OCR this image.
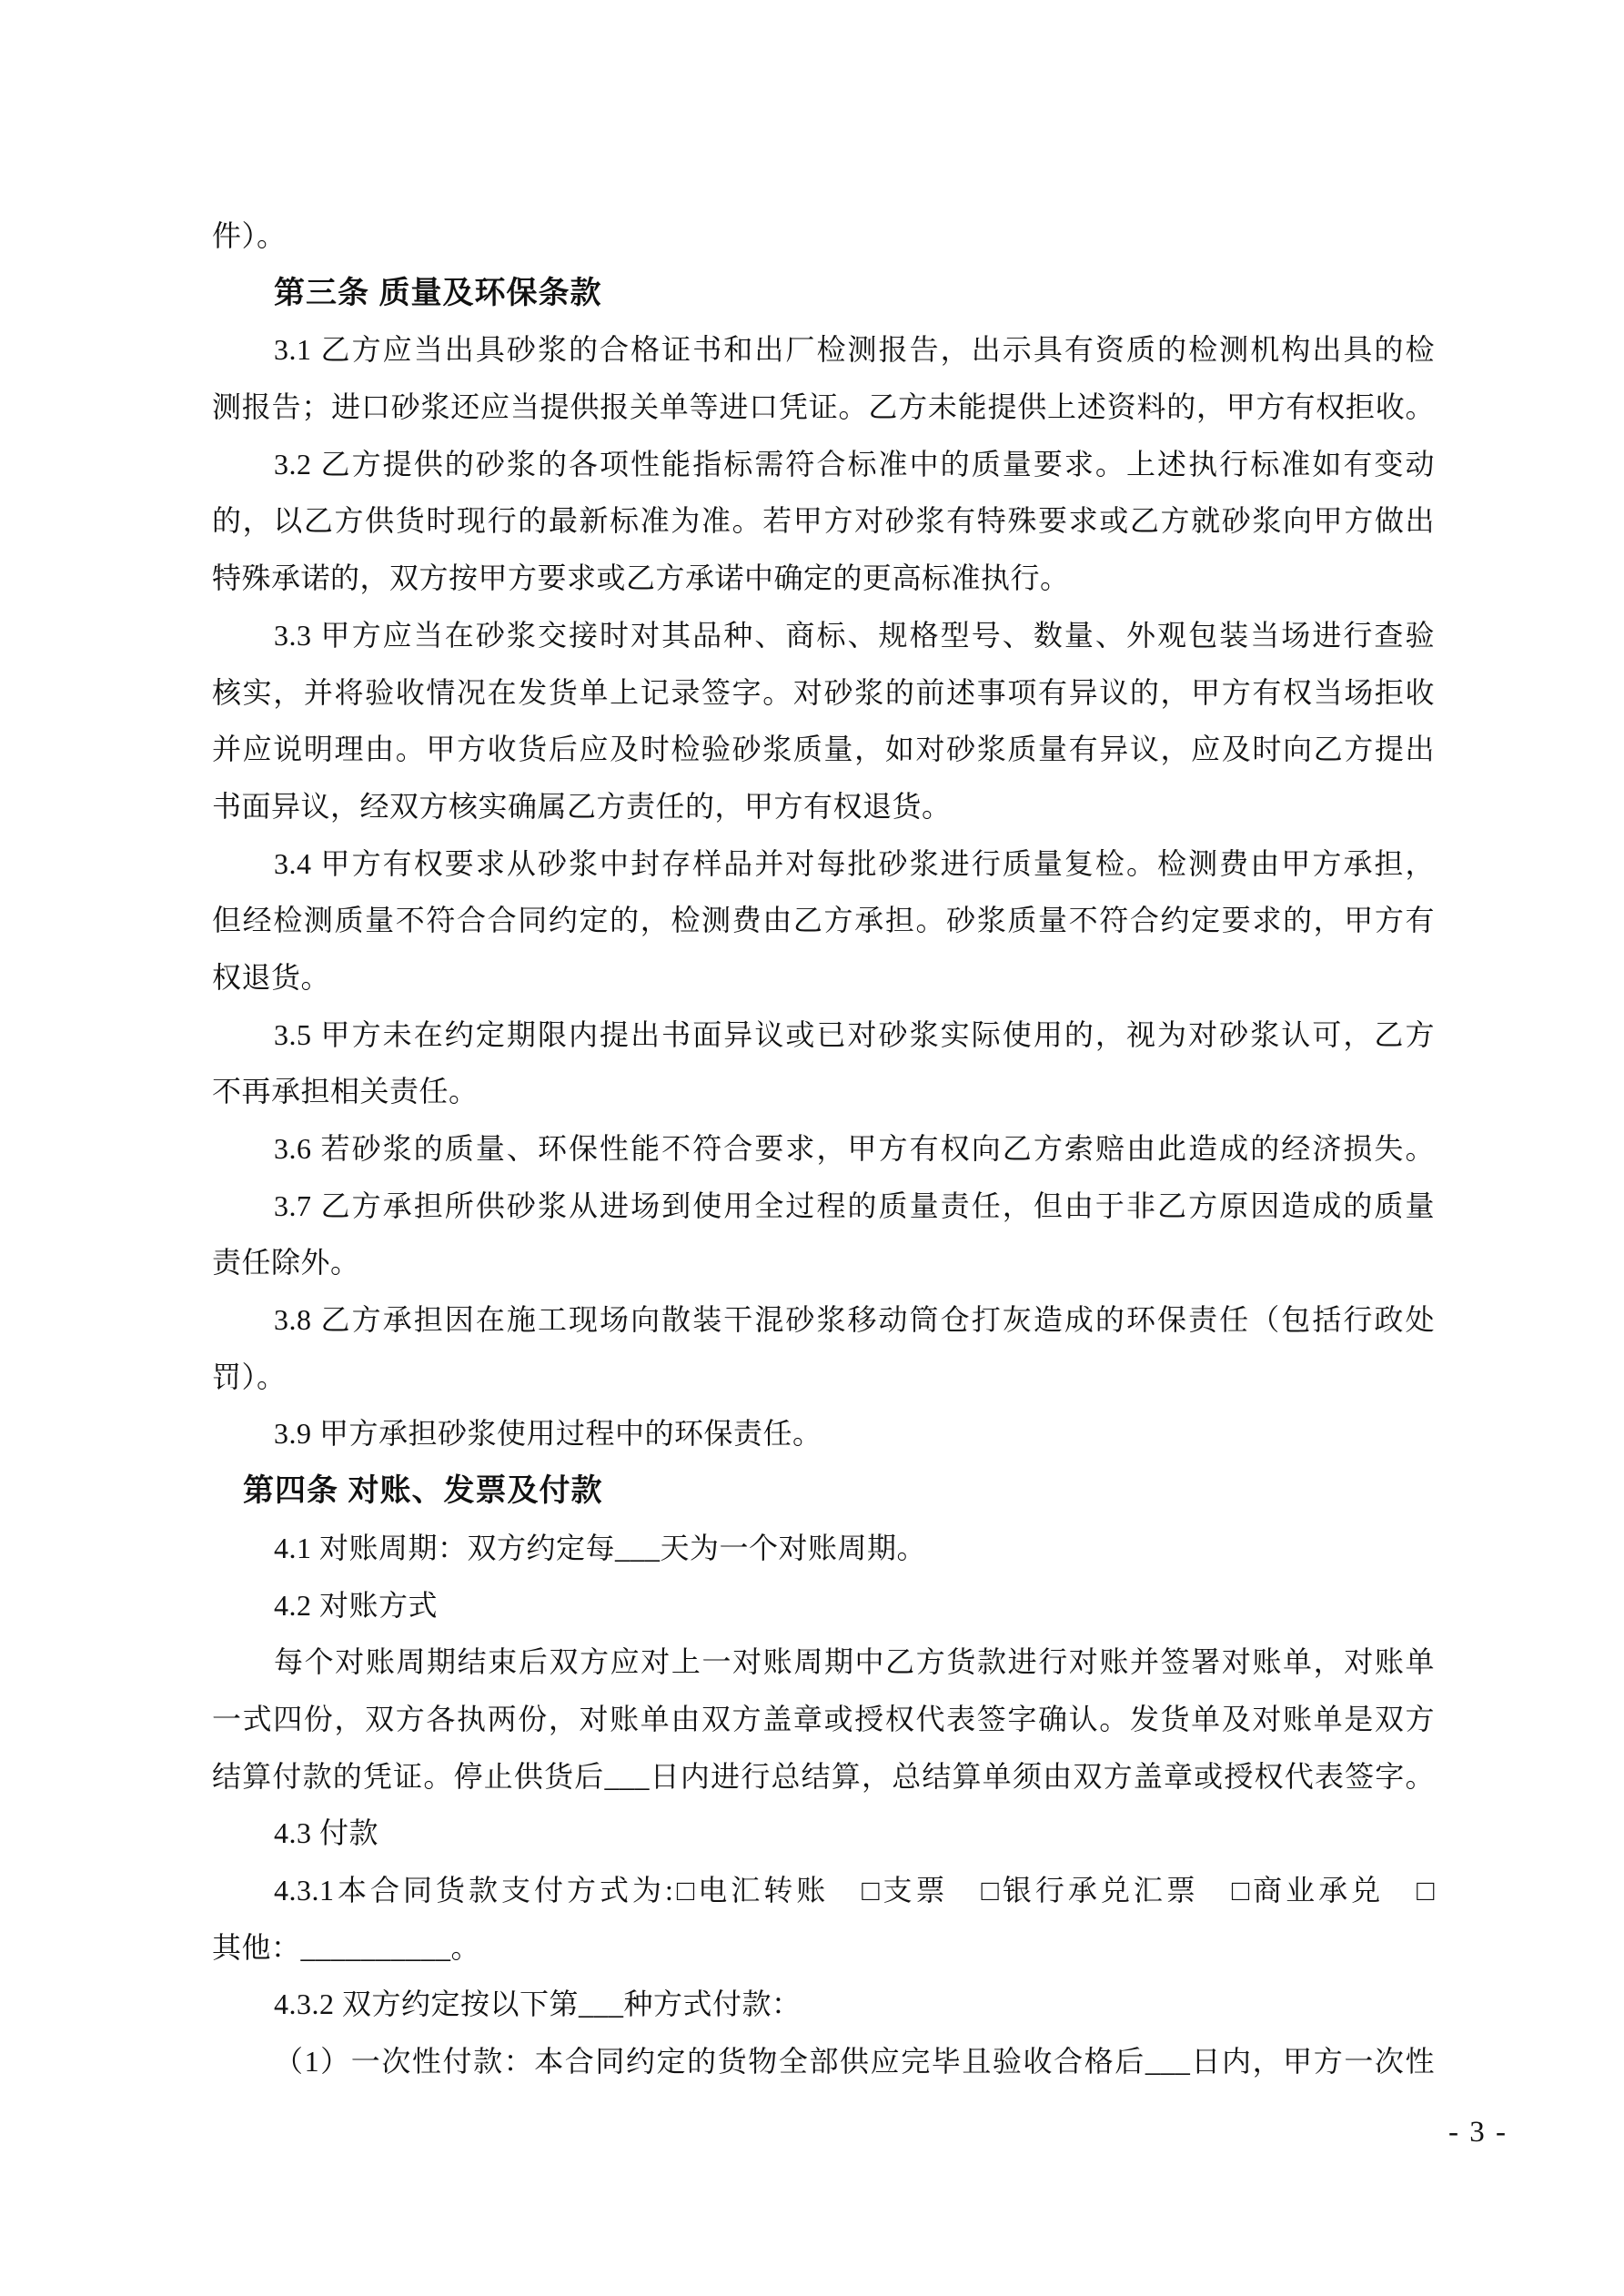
件）。
第三条 质量及环保条款
3.1 乙方应当出具砂浆的合格证书和出厂检测报告，出示具有资质的检测机构出具的检
测报告；进口砂浆还应当提供报关单等进口凭证。乙方未能提供上述资料的，甲方有权拒收。
3.2 乙方提供的砂浆的各项性能指标需符合标准中的质量要求。上述执行标准如有变动
的，以乙方供货时现行的最新标准为准。若甲方对砂浆有特殊要求或乙方就砂浆向甲方做出
特殊承诺的，双方按甲方要求或乙方承诺中确定的更高标准执行。
3.3 甲方应当在砂浆交接时对其品种、商标、规格型号、数量、外观包装当场进行查验
核实，并将验收情况在发货单上记录签字。对砂浆的前述事项有异议的，甲方有权当场拒收
并应说明理由。甲方收货后应及时检验砂浆质量，如对砂浆质量有异议，应及时向乙方提出
书面异议，经双方核实确属乙方责任的，甲方有权退货。
3.4 甲方有权要求从砂浆中封存样品并对每批砂浆进行质量复检。检测费由甲方承担，
但经检测质量不符合合同约定的，检测费由乙方承担。砂浆质量不符合约定要求的，甲方有
权退货。
3.5 甲方未在约定期限内提出书面异议或已对砂浆实际使用的，视为对砂浆认可，乙方
不再承担相关责任。
3.6 若砂浆的质量、环保性能不符合要求，甲方有权向乙方索赔由此造成的经济损失。
3.7 乙方承担所供砂浆从进场到使用全过程的质量责任，但由于非乙方原因造成的质量
责任除外。
3.8 乙方承担因在施工现场向散装干混砂浆移动筒仓打灰造成的环保责任（包括行政处
罚）。
3.9 甲方承担砂浆使用过程中的环保责任。
第四条 对账、发票及付款
4.1 对账周期：双方约定每___天为一个对账周期。
4.2 对账方式
每个对账周期结束后双方应对上一对账周期中乙方货款进行对账并签署对账单，对账单
一式四份，双方各执两份，对账单由双方盖章或授权代表签字确认。发货单及对账单是双方
结算付款的凭证。停止供货后___日内进行总结算，总结算单须由双方盖章或授权代表签字。
4.3 付款
4.3.1本合同货款支付方式为:□电汇转账　□支票　□银行承兑汇票　□商业承兑　□
其他：__________。
4.3.2 双方约定按以下第___种方式付款：
（1）一次性付款：本合同约定的货物全部供应完毕且验收合格后___日内，甲方一次性
- 3 -
